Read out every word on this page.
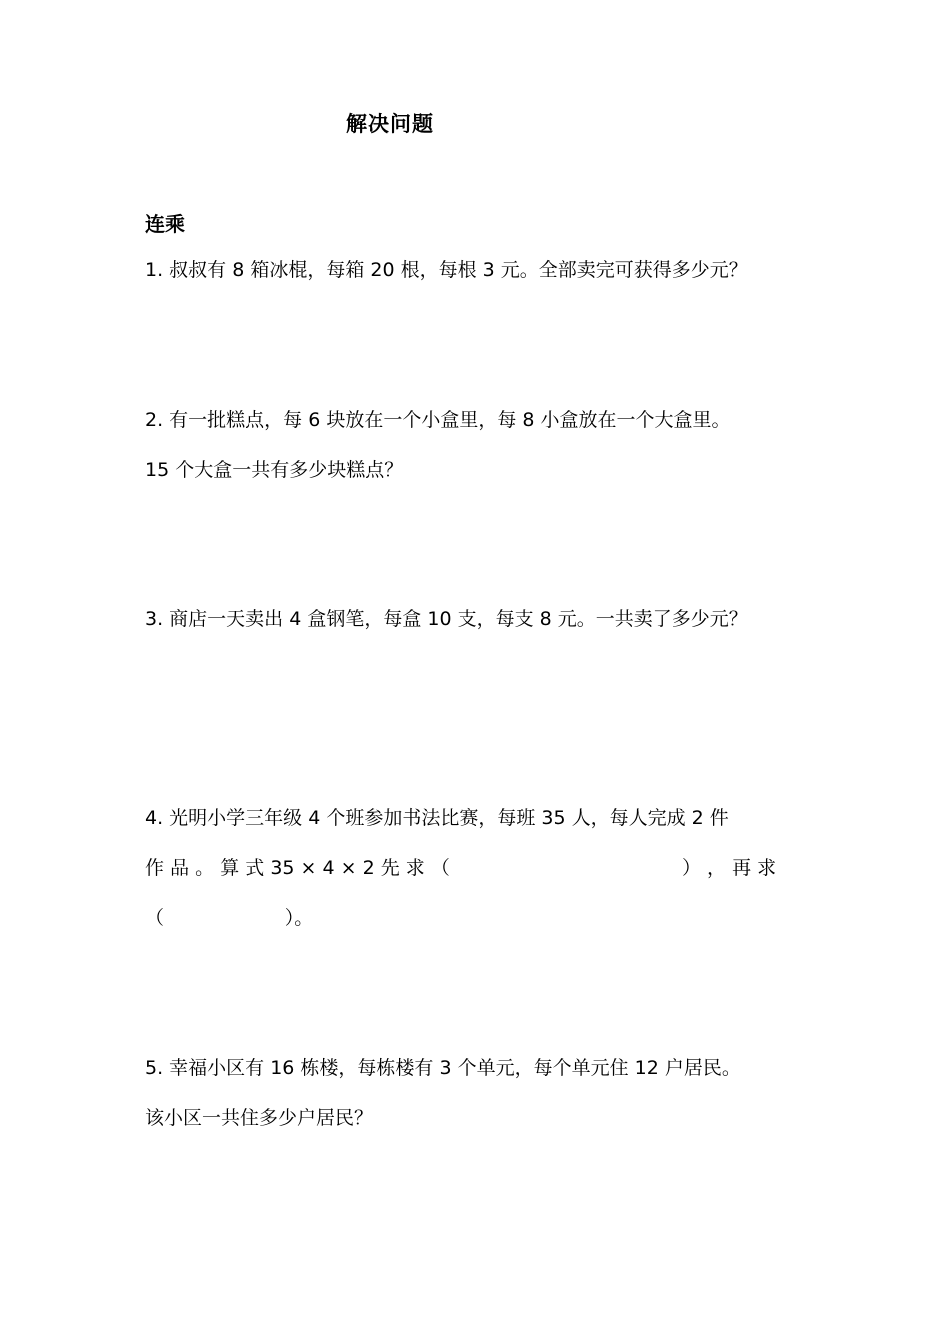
解决问题
连乘
1. 叔叔有 8 箱冰棍，每箱 20 根，每根 3 元。全部卖完可获得多少元？
2. 有一批糕点，每 6 块放在一个小盒里，每 8 小盒放在一个大盒里。
15 个大盒一共有多少块糕点？
3. 商店一天卖出 4 盒钢笔，每盒 10 支，每支 8 元。一共卖了多少元？
4. 光明小学三年级 4 个班参加书法比赛，每班 35 人，每人完成 2 件
作 品 。 算 式 35 × 4 × 2 先 求 （	） ， 再 求
（                    ）。
5. 幸福小区有 16 栋楼，每栋楼有 3 个单元，每个单元住 12 户居民。
该小区一共住多少户居民？
